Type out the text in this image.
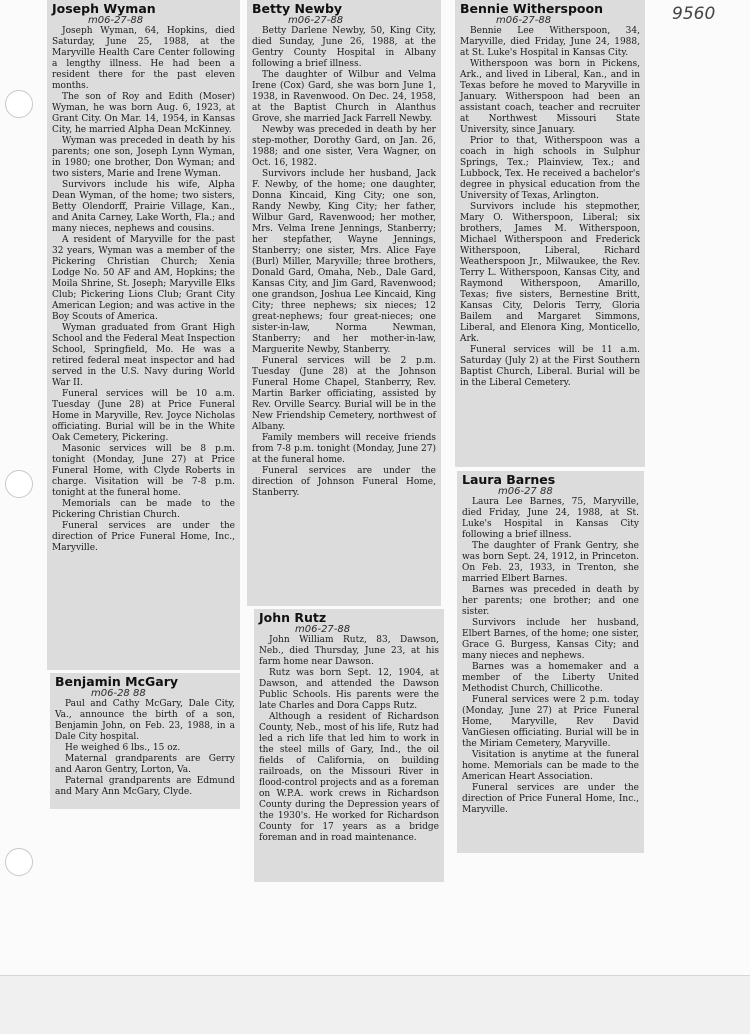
9560
Joseph Wyman
m06-27-88

Joseph Wyman, 64, Hopkins, died Saturday, June 25, 1988, at the Maryville Health Care Center following a lengthy illness. He had been a resident there for the past eleven months.

The son of Roy and Edith (Moser) Wyman, he was born Aug. 6, 1923, at Grant City. On Mar. 14, 1954, in Kansas City, he married Alpha Dean McKinney.

Wyman was preceded in death by his parents; one son, Joseph Lynn Wyman, in 1980; one brother, Don Wyman; and two sisters, Marie and Irene Wyman.

Survivors include his wife, Alpha Dean Wyman, of the home; two sisters, Betty Olendorff, Prairie Village, Kan., and Anita Carney, Lake Worth, Fla.; and many nieces, nephews and cousins.

A resident of Maryville for the past 32 years, Wyman was a member of the Pickering Christian Church; Xenia Lodge No. 50 AF and AM, Hopkins; the Moila Shrine, St. Joseph; Maryville Elks Club; Pickering Lions Club; Grant City American Legion; and was active in the Boy Scouts of America.

Wyman graduated from Grant High School and the Federal Meat Inspection School, Springfield, Mo. He was a retired federal meat inspector and had served in the U.S. Navy during World War II.

Funeral services will be 10 a.m. Tuesday (June 28) at Price Funeral Home in Maryville, Rev. Joyce Nicholas officiating. Burial will be in the White Oak Cemetery, Pickering.

Masonic services will be 8 p.m. tonight (Monday, June 27) at Price Funeral Home, with Clyde Roberts in charge. Visitation will be 7-8 p.m. tonight at the funeral home.

Memorials can be made to the Pickering Christian Church.

Funeral services are under the direction of Price Funeral Home, Inc., Maryville.

Benjamin McGary
m06-28 88

Paul and Cathy McGary, Dale City, Va., announce the birth of a son, Benjamin John, on Feb. 23, 1988, in a Dale City hospital.

He weighed 6 lbs., 15 oz.

Maternal grandparents are Gerry and Aaron Gentry, Lorton, Va.

Paternal grandparents are Edmund and Mary Ann McGary, Clyde.

Betty Newby
m06-27-88

Betty Darlene Newby, 50, King City, died Sunday, June 26, 1988, at the Gentry County Hospital in Albany following a brief illness.

The daughter of Wilbur and Velma Irene (Cox) Gard, she was born June 1, 1938, in Ravenwood. On Dec. 24, 1958, at the Baptist Church in Alanthus Grove, she married Jack Farrell Newby.

Newby was preceded in death by her step-mother, Dorothy Gard, on Jan. 26, 1988; and one sister, Vera Wagner, on Oct. 16, 1982.

Survivors include her husband, Jack F. Newby, of the home; one daughter, Donna Kincaid, King City; one son, Randy Newby, King City; her father, Wilbur Gard, Ravenwood; her mother, Mrs. Velma Irene Jennings, Stanberry; her stepfather, Wayne Jennings, Stanberry; one sister, Mrs. Alice Faye (Burl) Miller, Maryville; three brothers, Donald Gard, Omaha, Neb., Dale Gard, Kansas City, and Jim Gard, Ravenwood; one grandson, Joshua Lee Kincaid, King City; three nephews; six nieces; 12 great-nephews; four great-nieces; one sister-in-law, Norma Newman, Stanberry; and her mother-in-law, Marguerite Newby, Stanberry.

Funeral services will be 2 p.m. Tuesday (June 28) at the Johnson Funeral Home Chapel, Stanberry, Rev. Martin Barker officiating, assisted by Rev. Orville Searcy. Burial will be in the New Friendship Cemetery, northwest of Albany.

Family members will receive friends from 7-8 p.m. tonight (Monday, June 27) at the funeral home.

Funeral services are under the direction of Johnson Funeral Home, Stanberry.

John Rutz
m06-27-88

John William Rutz, 83, Dawson, Neb., died Thursday, June 23, at his farm home near Dawson.

Rutz was born Sept. 12, 1904, at Dawson, and attended the Dawson Public Schools. His parents were the late Charles and Dora Capps Rutz.

Although a resident of Richardson County, Neb., most of his life, Rutz had led a rich life that led him to work in the steel mills of Gary, Ind., the oil fields of California, on building railroads, on the Missouri River in flood-control projects and as a foreman on W.P.A. work crews in Richardson County during the Depression years of the 1930's. He worked for Richardson County for 17 years as a bridge foreman and in road maintenance.

Bennie Witherspoon
m06-27-88

Bennie Lee Witherspoon, 34, Maryville, died Friday, June 24, 1988, at St. Luke's Hospital in Kansas City.

Witherspoon was born in Pickens, Ark., and lived in Liberal, Kan., and in Texas before he moved to Maryville in January. Witherspoon had been an assistant coach, teacher and recruiter at Northwest Missouri State University, since January.

Prior to that, Witherspoon was a coach in high schools in Sulphur Springs, Tex.; Plainview, Tex.; and Lubbock, Tex. He received a bachelor's degree in physical education from the University of Texas, Arlington.

Survivors include his stepmother, Mary O. Witherspoon, Liberal; six brothers, James M. Witherspoon, Michael Witherspoon and Frederick Witherspoon, Liberal, Richard Weatherspoon Jr., Milwaukee, the Rev. Terry L. Witherspoon, Kansas City, and Raymond Witherspoon, Amarillo, Texas; five sisters, Bernestine Britt, Kansas City, Deloris Terry, Gloria Bailem and Margaret Simmons, Liberal, and Elenora King, Monticello, Ark.

Funeral services will be 11 a.m. Saturday (July 2) at the First Southern Baptist Church, Liberal. Burial will be in the Liberal Cemetery.

Laura Barnes
m06-27 88

Laura Lee Barnes, 75, Maryville, died Friday, June 24, 1988, at St. Luke's Hospital in Kansas City following a brief illness.

The daughter of Frank Gentry, she was born Sept. 24, 1912, in Princeton. On Feb. 23, 1933, in Trenton, she married Elbert Barnes.

Barnes was preceded in death by her parents; one brother; and one sister.

Survivors include her husband, Elbert Barnes, of the home; one sister, Grace G. Burgess, Kansas City; and many nieces and nephews.

Barnes was a homemaker and a member of the Liberty United Methodist Church, Chillicothe.

Funeral services were 2 p.m. today (Monday, June 27) at Price Funeral Home, Maryville, Rev David VanGiesen officiating. Burial will be in the Miriam Cemetery, Maryville.

Visitation is anytime at the funeral home. Memorials can be made to the American Heart Association.

Funeral services are under the direction of Price Funeral Home, Inc., Maryville.
